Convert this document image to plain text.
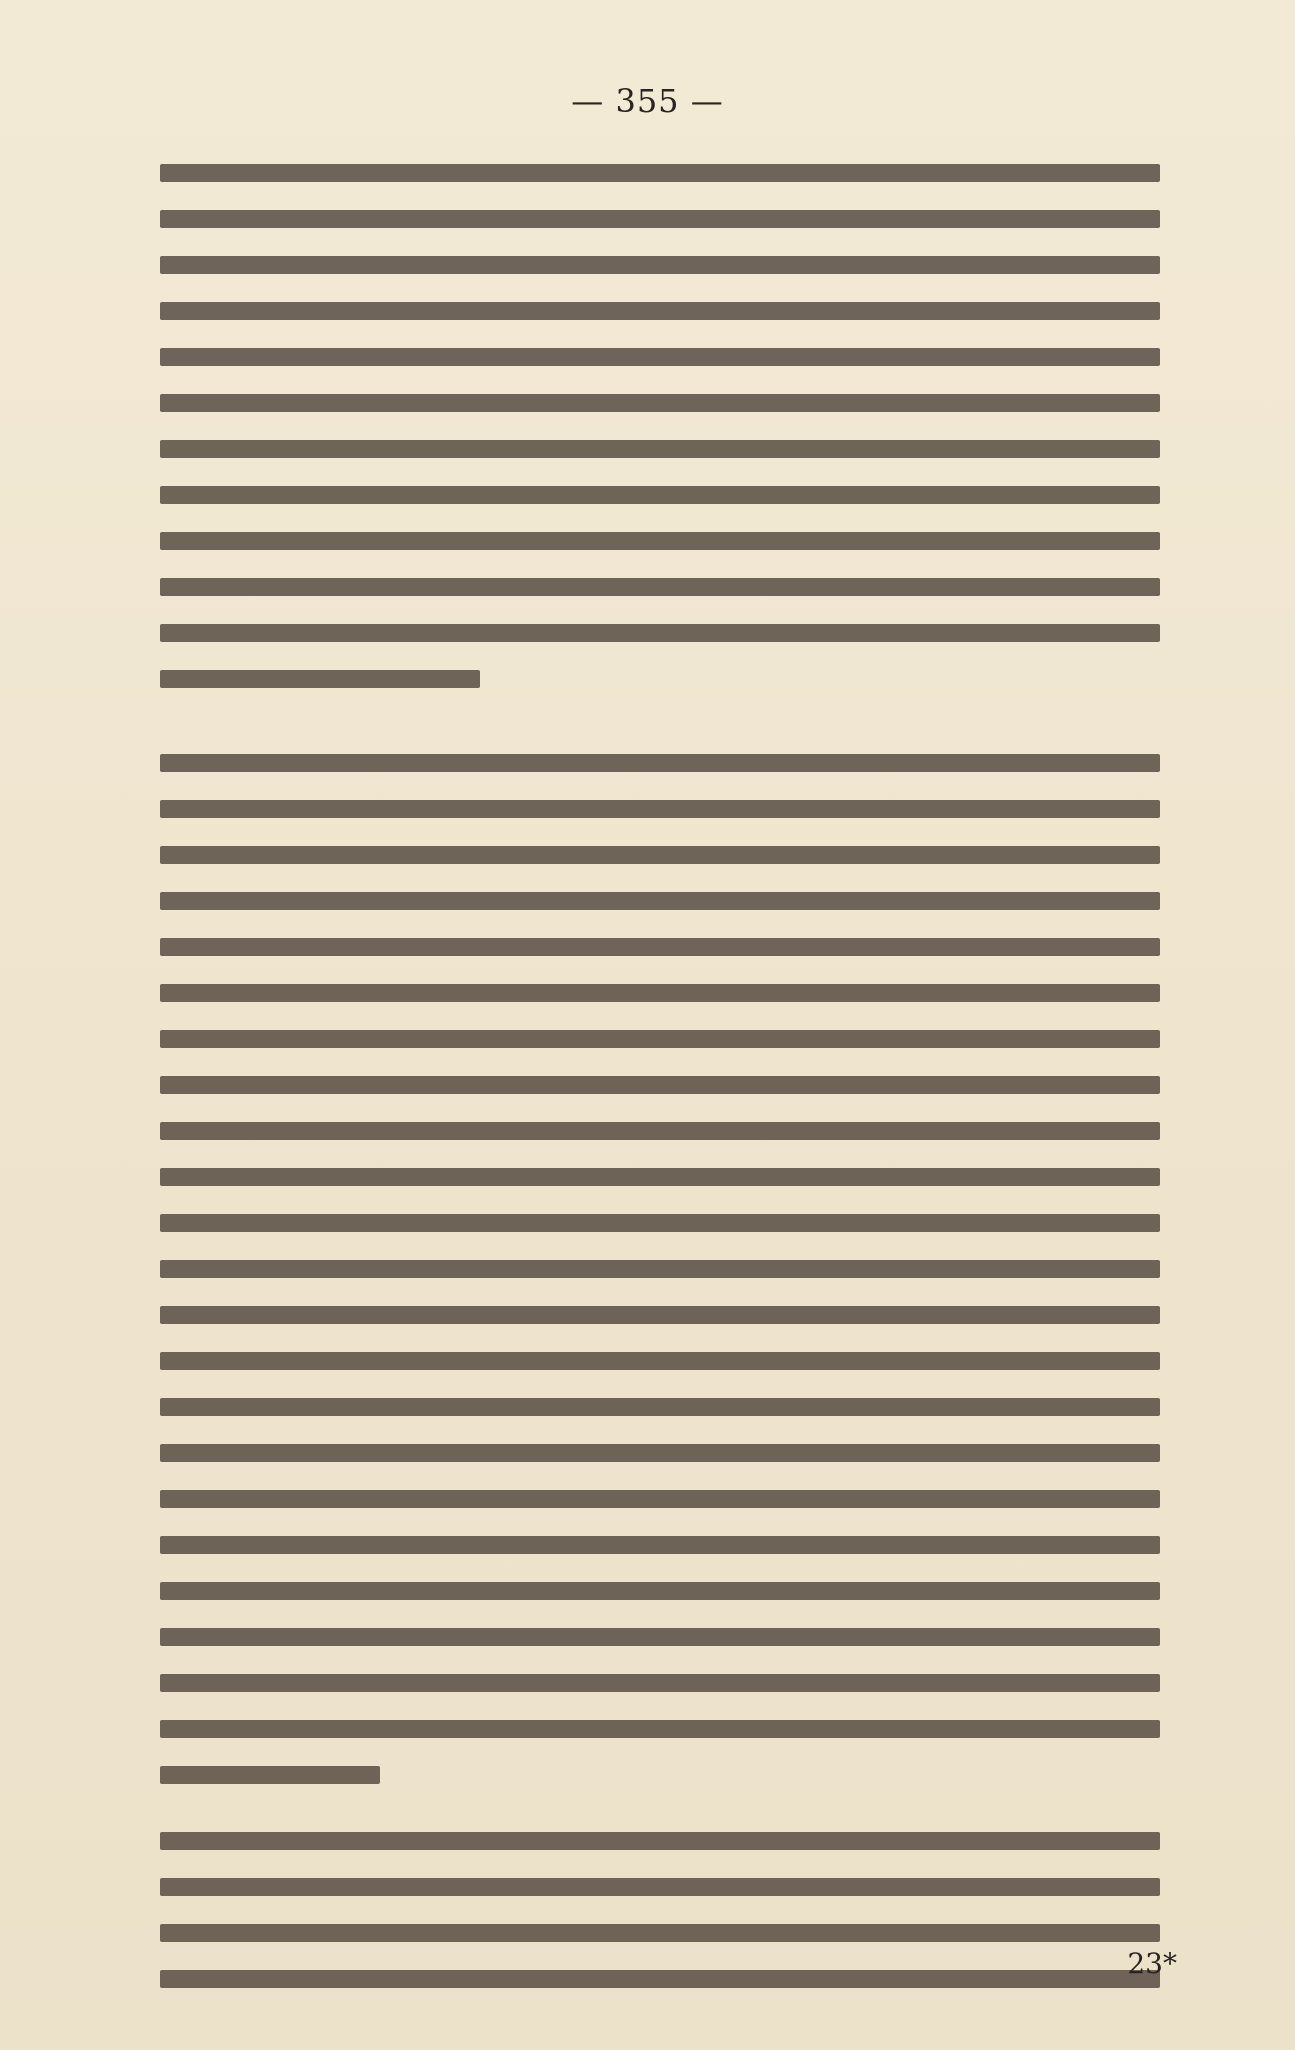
— 355 —
23*
